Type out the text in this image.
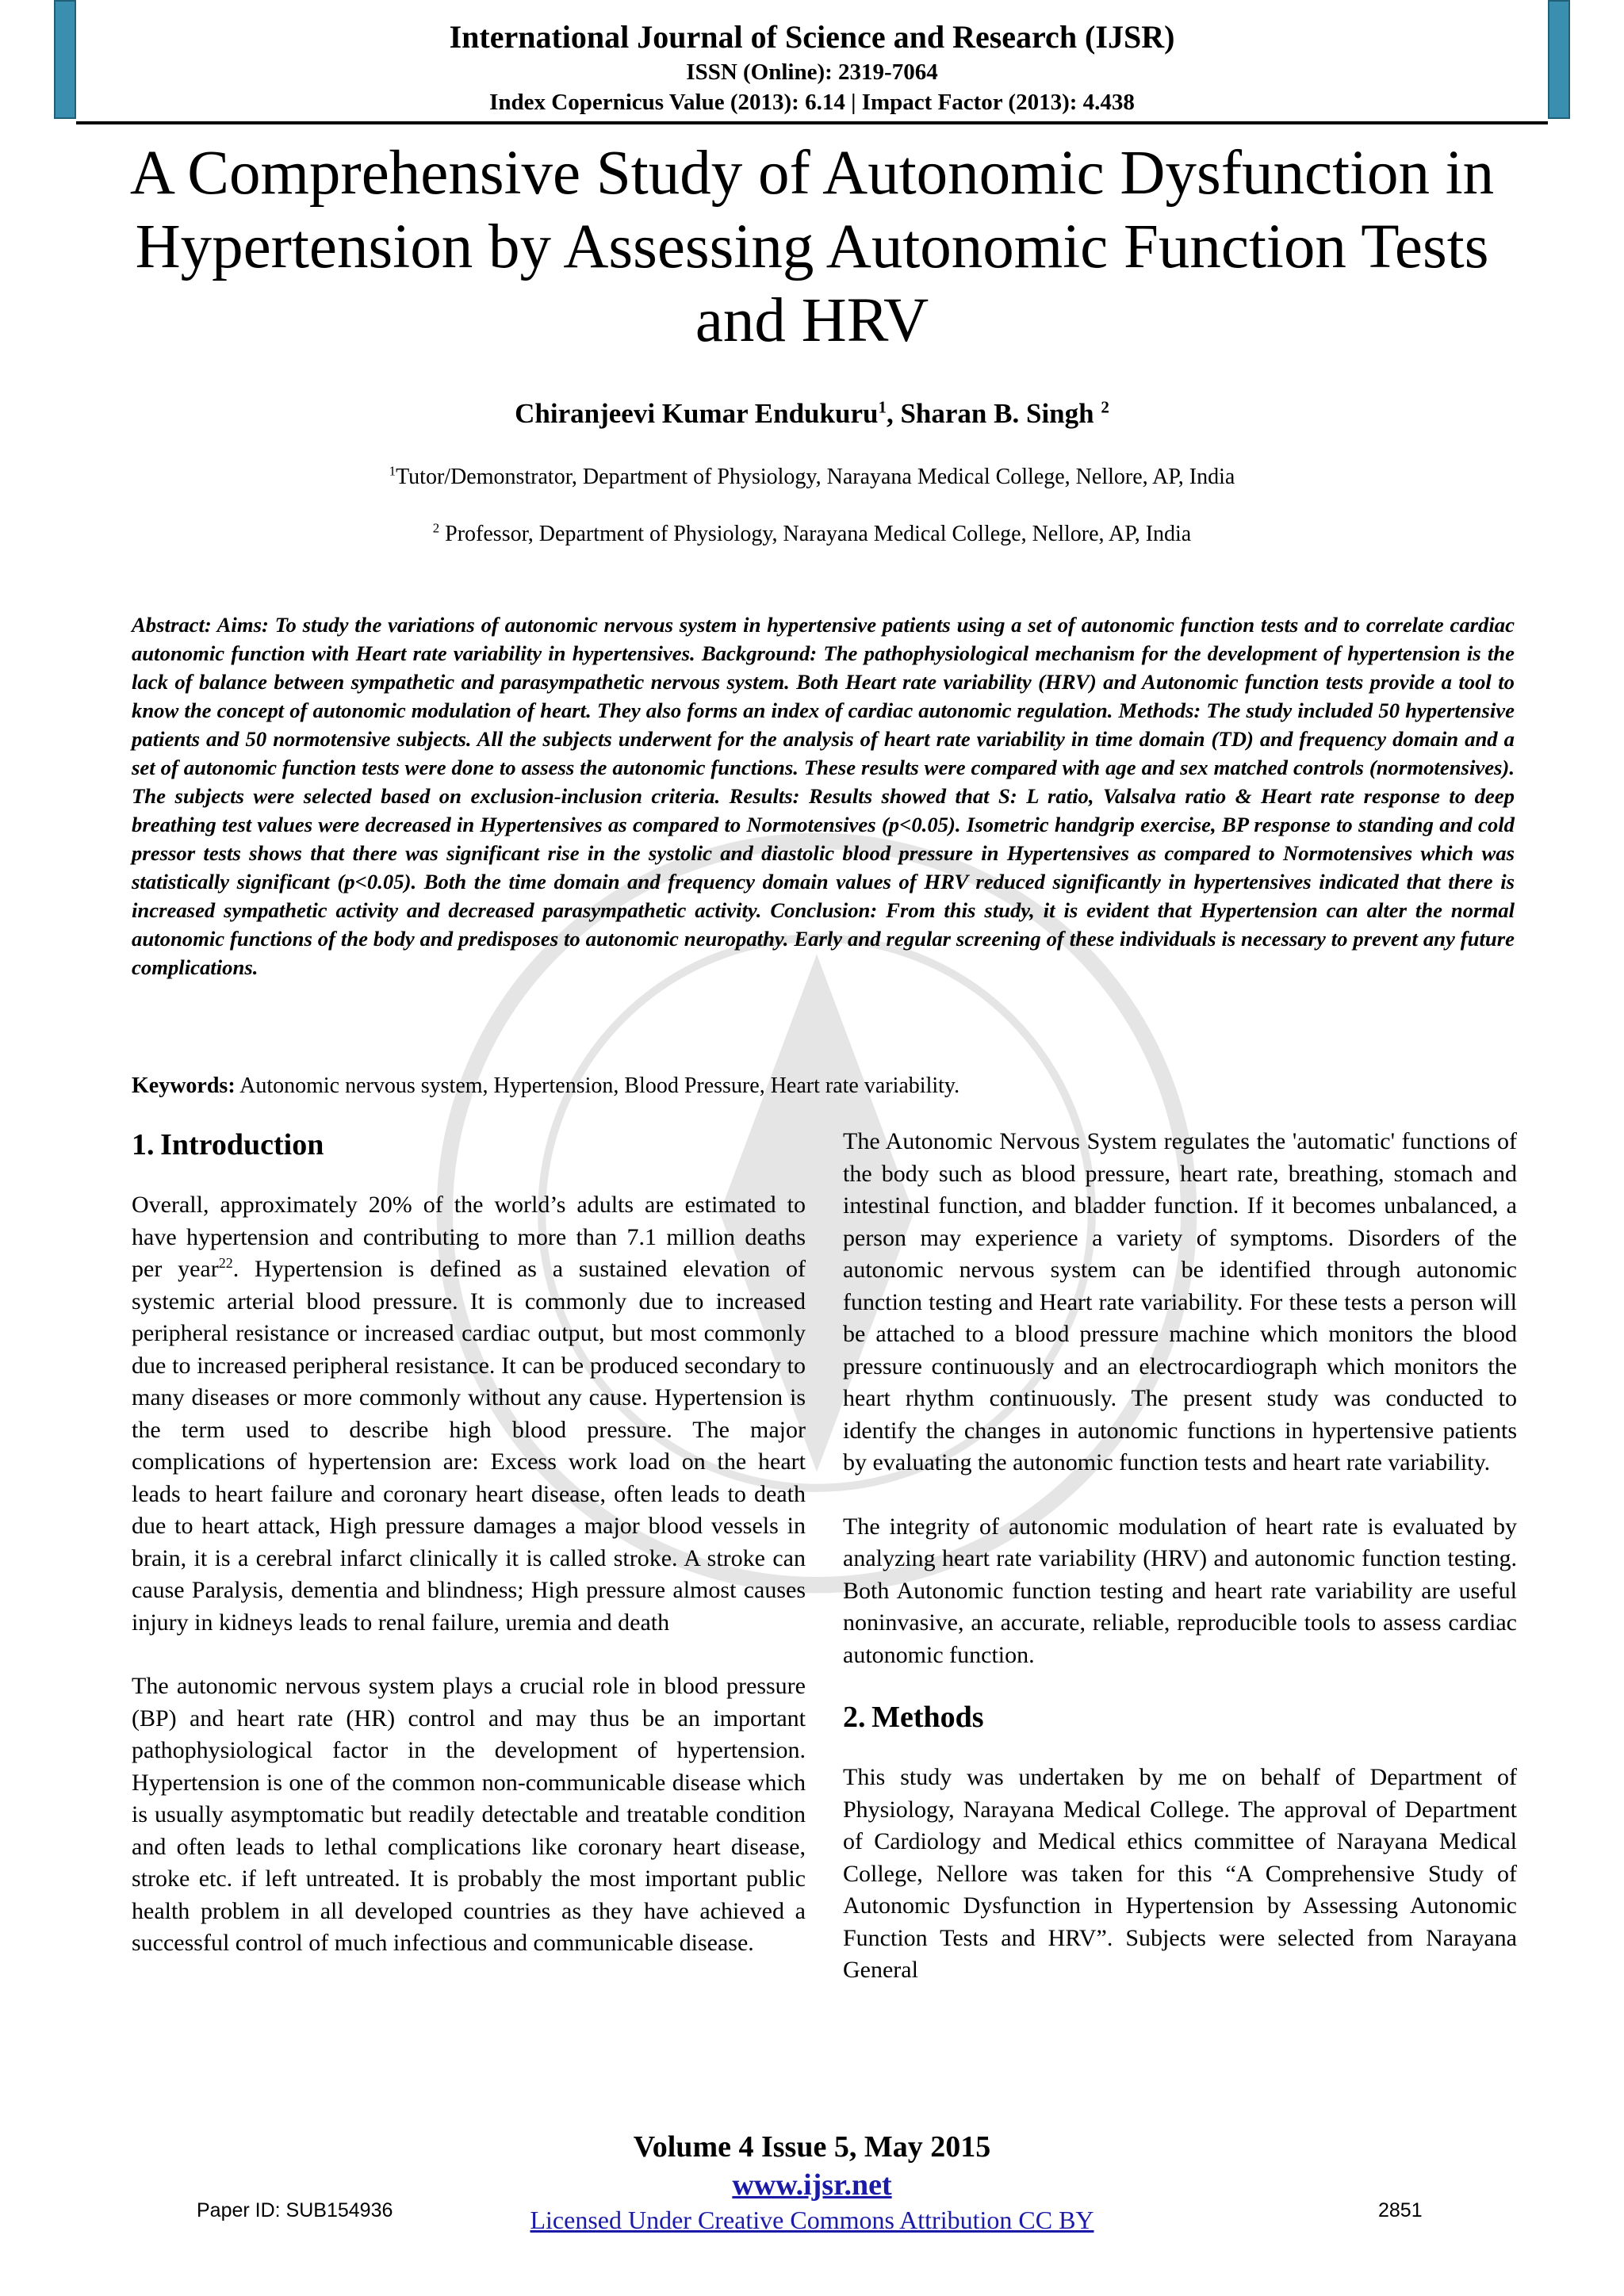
International Journal of Science and Research (IJSR)
ISSN (Online): 2319-7064
Index Copernicus Value (2013): 6.14 | Impact Factor (2013): 4.438
A Comprehensive Study of Autonomic Dysfunction in Hypertension by Assessing Autonomic Function Tests and HRV
Chiranjeevi Kumar Endukuru$^1$, Sharan B. Singh $^2$
$^1$Tutor/Demonstrator, Department of Physiology, Narayana Medical College, Nellore, AP, India
$^2$ Professor, Department of Physiology, Narayana Medical College, Nellore, AP, India

Abstract: Aims: To study the variations of autonomic nervous system in hypertensive patients using a set of autonomic function tests and to correlate cardiac autonomic function with Heart rate variability in hypertensives. Background: The pathophysiological mechanism for the development of hypertension is the lack of balance between sympathetic and parasympathetic nervous system. Both Heart rate variability (HRV) and Autonomic function tests provide a tool to know the concept of autonomic modulation of heart. They also forms an index of cardiac autonomic regulation. Methods: The study included 50 hypertensive patients and 50 normotensive subjects. All the subjects underwent for the analysis of heart rate variability in time domain (TD) and frequency domain and a set of autonomic function tests were done to assess the autonomic functions. These results were compared with age and sex matched controls (normotensives). The subjects were selected based on exclusion-inclusion criteria. Results: Results showed that S: L ratio, Valsalva ratio & Heart rate response to deep breathing test values were decreased in Hypertensives as compared to Normotensives (p<0.05). Isometric handgrip exercise, BP response to standing and cold pressor tests shows that there was significant rise in the systolic and diastolic blood pressure in Hypertensives as compared to Normotensives which was statistically significant (p<0.05). Both the time domain and frequency domain values of HRV reduced significantly in hypertensives indicated that there is increased sympathetic activity and decreased parasympathetic activity. Conclusion: From this study, it is evident that Hypertension can alter the normal autonomic functions of the body and predisposes to autonomic neuropathy. Early and regular screening of these individuals is necessary to prevent any future complications.

Keywords: Autonomic nervous system, Hypertension, Blood Pressure, Heart rate variability.

1. Introduction

Overall, approximately 20% of the world’s adults are estimated to have hypertension and contributing to more than 7.1 million deaths per year$^{22}$. Hypertension is defined as a sustained elevation of systemic arterial blood pressure. It is commonly due to increased peripheral resistance or increased cardiac output, but most commonly due to increased peripheral resistance. It can be produced secondary to many diseases or more commonly without any cause. Hypertension is the term used to describe high blood pressure. The major complications of hypertension are: Excess work load on the heart leads to heart failure and coronary heart disease, often leads to death due to heart attack, High pressure damages a major blood vessels in brain, it is a cerebral infarct clinically it is called stroke. A stroke can cause Paralysis, dementia and blindness; High pressure almost causes injury in kidneys leads to renal failure, uremia and death

The autonomic nervous system plays a crucial role in blood pressure (BP) and heart rate (HR) control and may thus be an important pathophysiological factor in the development of hypertension. Hypertension is one of the common non-communicable disease which is usually asymptomatic but readily detectable and treatable condition and often leads to lethal complications like coronary heart disease, stroke etc. if left untreated. It is probably the most important public health problem in all developed countries as they have achieved a successful control of much infectious and communicable disease.

The Autonomic Nervous System regulates the 'automatic' functions of the body such as blood pressure, heart rate, breathing, stomach and intestinal function, and bladder function. If it becomes unbalanced, a person may experience a variety of symptoms. Disorders of the autonomic nervous system can be identified through autonomic function testing and Heart rate variability. For these tests a person will be attached to a blood pressure machine which monitors the blood pressure continuously and an electrocardiograph which monitors the heart rhythm continuously. The present study was conducted to identify the changes in autonomic functions in hypertensive patients by evaluating the autonomic function tests and heart rate variability.

The integrity of autonomic modulation of heart rate is evaluated by analyzing heart rate variability (HRV) and autonomic function testing. Both Autonomic function testing and heart rate variability are useful noninvasive, an accurate, reliable, reproducible tools to assess cardiac autonomic function.

2. Methods

This study was undertaken by me on behalf of Department of Physiology, Narayana Medical College. The approval of Department of Cardiology and Medical ethics committee of Narayana Medical College, Nellore was taken for this “A Comprehensive Study of Autonomic Dysfunction in Hypertension by Assessing Autonomic Function Tests and HRV”. Subjects were selected from Narayana General

Volume 4 Issue 5, May 2015
www.ijsr.net
Licensed Under Creative Commons Attribution CC BY
Paper ID: SUB154936	2851
